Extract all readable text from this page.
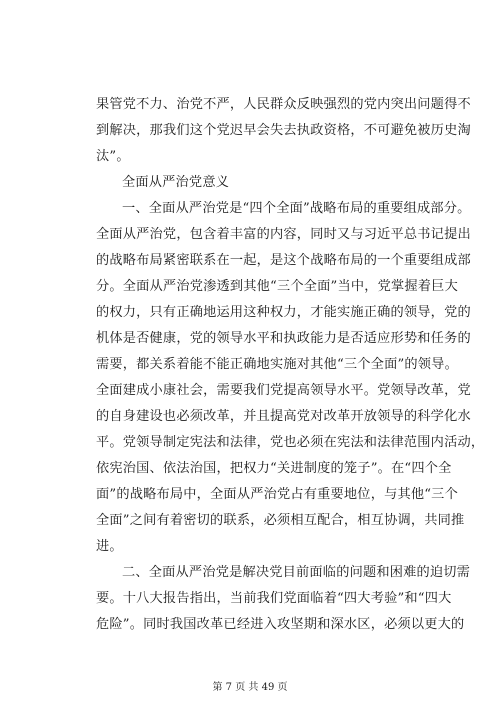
果管党不力、治党不严，人民群众反映强烈的党内突出问题得不
到解决，那我们这个党迟早会失去执政资格，不可避免被历史淘
汰”。
全面从严治党意义
一、全面从严治党是“四个全面”战略布局的重要组成部分。
全面从严治党，包含着丰富的内容，同时又与习近平总书记提出
的战略布局紧密联系在一起，是这个战略布局的一个重要组成部
分。全面从严治党渗透到其他“三个全面”当中，党掌握着巨大
的权力，只有正确地运用这种权力，才能实施正确的领导，党的
机体是否健康，党的领导水平和执政能力是否适应形势和任务的
需要，都关系着能不能正确地实施对其他“三个全面”的领导。
全面建成小康社会，需要我们党提高领导水平。党领导改革，党
的自身建设也必须改革，并且提高党对改革开放领导的科学化水
平。党领导制定宪法和法律，党也必须在宪法和法律范围内活动，
依宪治国、依法治国，把权力“关进制度的笼子”。在“四个全
面”的战略布局中，全面从严治党占有重要地位，与其他“三个
全面”之间有着密切的联系，必须相互配合，相互协调，共同推
进。
二、全面从严治党是解决党目前面临的问题和困难的迫切需
要。十八大报告指出，当前我们党面临着“四大考验”和“四大
危险”。同时我国改革已经进入攻坚期和深水区，必须以更大的
第 7 页 共 49 页
